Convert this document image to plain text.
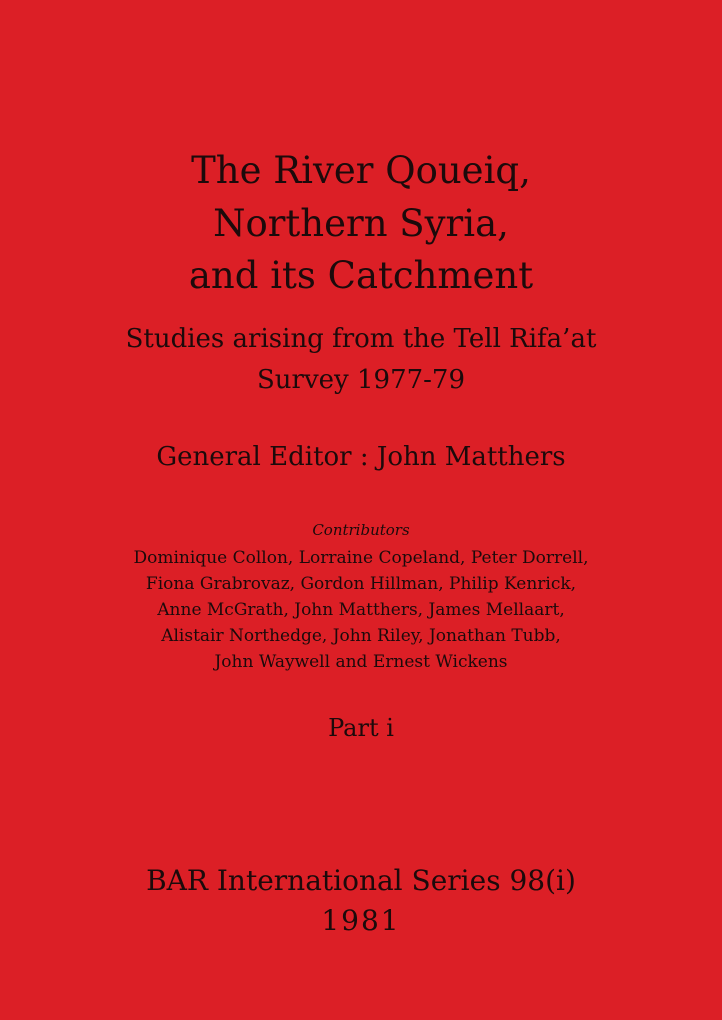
The River Qoueiq,
Northern Syria,
and its Catchment
Studies arising from the Tell Rifa’at
Survey 1977-79
General Editor : John Matthers
Contributors
Dominique Collon, Lorraine Copeland, Peter Dorrell,
Fiona Grabrovaz, Gordon Hillman, Philip Kenrick,
Anne McGrath, John Matthers, James Mellaart,
Alistair Northedge, John Riley, Jonathan Tubb,
John Waywell and Ernest Wickens
Part i
BAR International Series 98(i)
1981
